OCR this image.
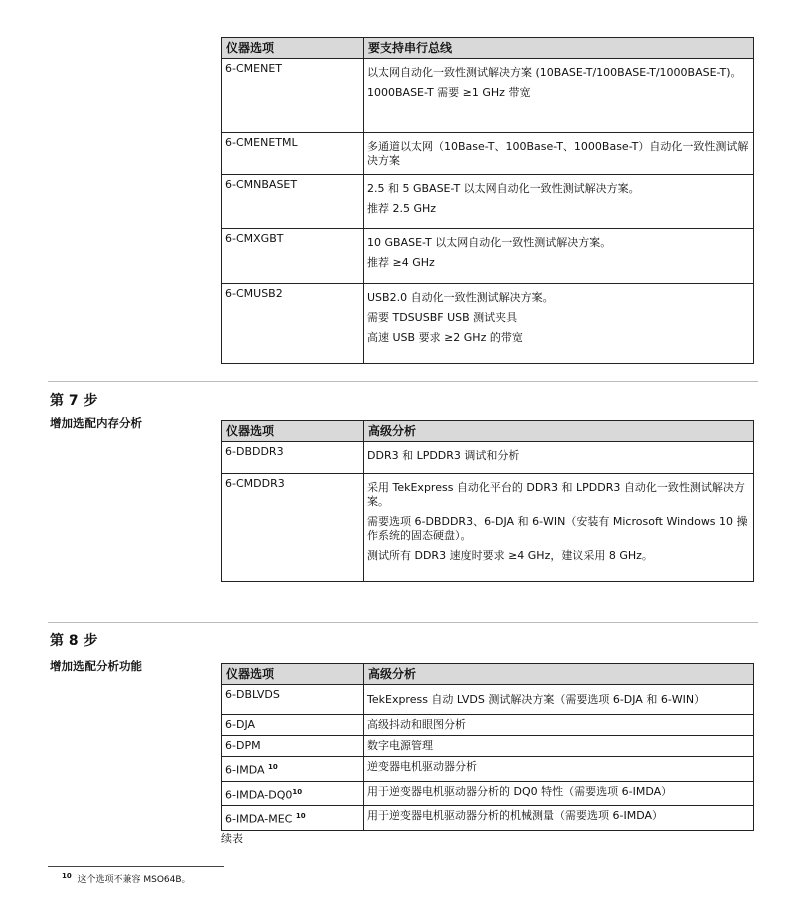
仪器选项	要支持串行总线
6-CMENET	以太网自动化一致性测试解决方案 (10BASE-T/100BASE-T/1000BASE-T)。

1000BASE-T 需要 ≥1 GHz 带宽

6-CMENETML	多通道以太网（10Base-T、100Base-T、1000Base-T）自动化一致性测试解决方案

6-CMNBASET	2.5 和 5 GBASE-T 以太网自动化一致性测试解决方案。

推荐 2.5 GHz

6-CMXGBT	10 GBASE-T 以太网自动化一致性测试解决方案。

推荐 ≥4 GHz

6-CMUSB2	USB2.0 自动化一致性测试解决方案。

需要 TDSUSBF USB 测试夹具

高速 USB 要求 ≥2 GHz 的带宽

第 7 步
增加选配内存分析
仪器选项	高级分析
6-DBDDR3	DDR3 和 LPDDR3 调试和分析

6-CMDDR3	采用 TekExpress 自动化平台的 DDR3 和 LPDDR3 自动化一致性测试解决方案。

需要选项 6-DBDDR3、6-DJA 和 6-WIN（安装有 Microsoft Windows 10 操作系统的固态硬盘）。

测试所有 DDR3 速度时要求 ≥4 GHz，建议采用 8 GHz。

第 8 步
增加选配分析功能
仪器选项	高级分析
6-DBLVDS	TekExpress 自动 LVDS 测试解决方案（需要选项 6-DJA 和 6-WIN）
6-DJA	高级抖动和眼图分析
6-DPM	数字电源管理
6-IMDA $^{10}$	逆变器电机驱动器分析
$6-IMDA-DQ0^{10}$	用于逆变器电机驱动器分析的 DQ0 特性（需要选项 6-IMDA）
6-IMDA-MEC $^{10}$	用于逆变器电机驱动器分析的机械测量（需要选项 6-IMDA）
续表
$^{10}$ 这个选项不兼容 MSO64B。
